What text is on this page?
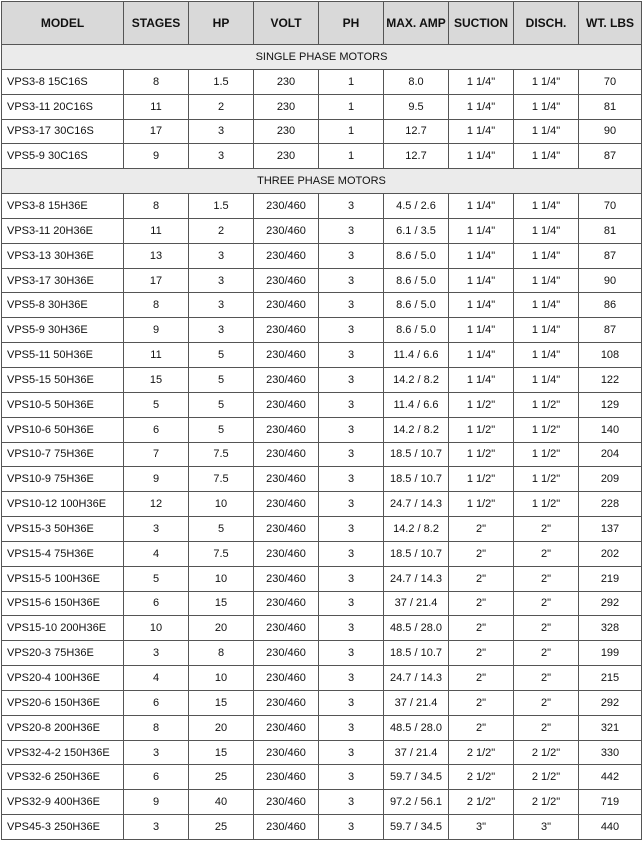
MODEL	STAGES	HP	VOLT	PH	MAX. AMP	SUCTION	DISCH.	WT. LBS
SINGLE PHASE MOTORS								
VPS3-8 15C16S	8	1.5	230	1	8.0	1 1/4"	1 1/4"	70
VPS3-11 20C16S	11	2	230	1	9.5	1 1/4"	1 1/4"	81
VPS3-17 30C16S	17	3	230	1	12.7	1 1/4"	1 1/4"	90
VPS5-9 30C16S	9	3	230	1	12.7	1 1/4"	1 1/4"	87
THREE PHASE MOTORS								
VPS3-8 15H36E	8	1.5	230/460	3	4.5 / 2.6	1 1/4"	1 1/4"	70
VPS3-11 20H36E	11	2	230/460	3	6.1 / 3.5	1 1/4"	1 1/4"	81
VPS3-13 30H36E	13	3	230/460	3	8.6 / 5.0	1 1/4"	1 1/4"	87
VPS3-17 30H36E	17	3	230/460	3	8.6 / 5.0	1 1/4"	1 1/4"	90
VPS5-8 30H36E	8	3	230/460	3	8.6 / 5.0	1 1/4"	1 1/4"	86
VPS5-9 30H36E	9	3	230/460	3	8.6 / 5.0	1 1/4"	1 1/4"	87
VPS5-11 50H36E	11	5	230/460	3	11.4 / 6.6	1 1/4"	1 1/4"	108
VPS5-15 50H36E	15	5	230/460	3	14.2 / 8.2	1 1/4"	1 1/4"	122
VPS10-5 50H36E	5	5	230/460	3	11.4 / 6.6	1 1/2"	1 1/2"	129
VPS10-6 50H36E	6	5	230/460	3	14.2 / 8.2	1 1/2"	1 1/2"	140
VPS10-7 75H36E	7	7.5	230/460	3	18.5 / 10.7	1 1/2"	1 1/2"	204
VPS10-9 75H36E	9	7.5	230/460	3	18.5 / 10.7	1 1/2"	1 1/2"	209
VPS10-12 100H36E	12	10	230/460	3	24.7 / 14.3	1 1/2"	1 1/2"	228
VPS15-3 50H36E	3	5	230/460	3	14.2 / 8.2	2"	2"	137
VPS15-4 75H36E	4	7.5	230/460	3	18.5 / 10.7	2"	2"	202
VPS15-5 100H36E	5	10	230/460	3	24.7 / 14.3	2"	2"	219
VPS15-6 150H36E	6	15	230/460	3	37 / 21.4	2"	2"	292
VPS15-10 200H36E	10	20	230/460	3	48.5 / 28.0	2"	2"	328
VPS20-3 75H36E	3	8	230/460	3	18.5 / 10.7	2"	2"	199
VPS20-4 100H36E	4	10	230/460	3	24.7 / 14.3	2"	2"	215
VPS20-6 150H36E	6	15	230/460	3	37 / 21.4	2"	2"	292
VPS20-8 200H36E	8	20	230/460	3	48.5 / 28.0	2"	2"	321
VPS32-4-2 150H36E	3	15	230/460	3	37 / 21.4	2 1/2"	2 1/2"	330
VPS32-6 250H36E	6	25	230/460	3	59.7 / 34.5	2 1/2"	2 1/2"	442
VPS32-9 400H36E	9	40	230/460	3	97.2 / 56.1	2 1/2"	2 1/2"	719
VPS45-3 250H36E	3	25	230/460	3	59.7 / 34.5	3"	3"	440
